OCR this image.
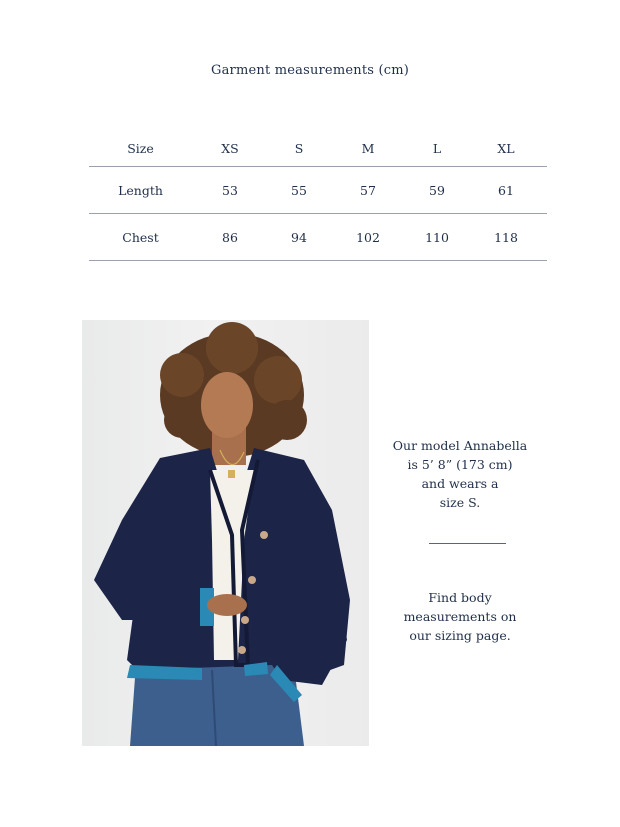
Garment measurements (cm)
Size	XS	S	M	L	XL
Length	53	55	57	59	61
Chest	86	94	102	110	118
Our model Annabella
is 5’ 8” (173 cm)
and wears a
size S.
Find body
measurements on
our sizing page.
